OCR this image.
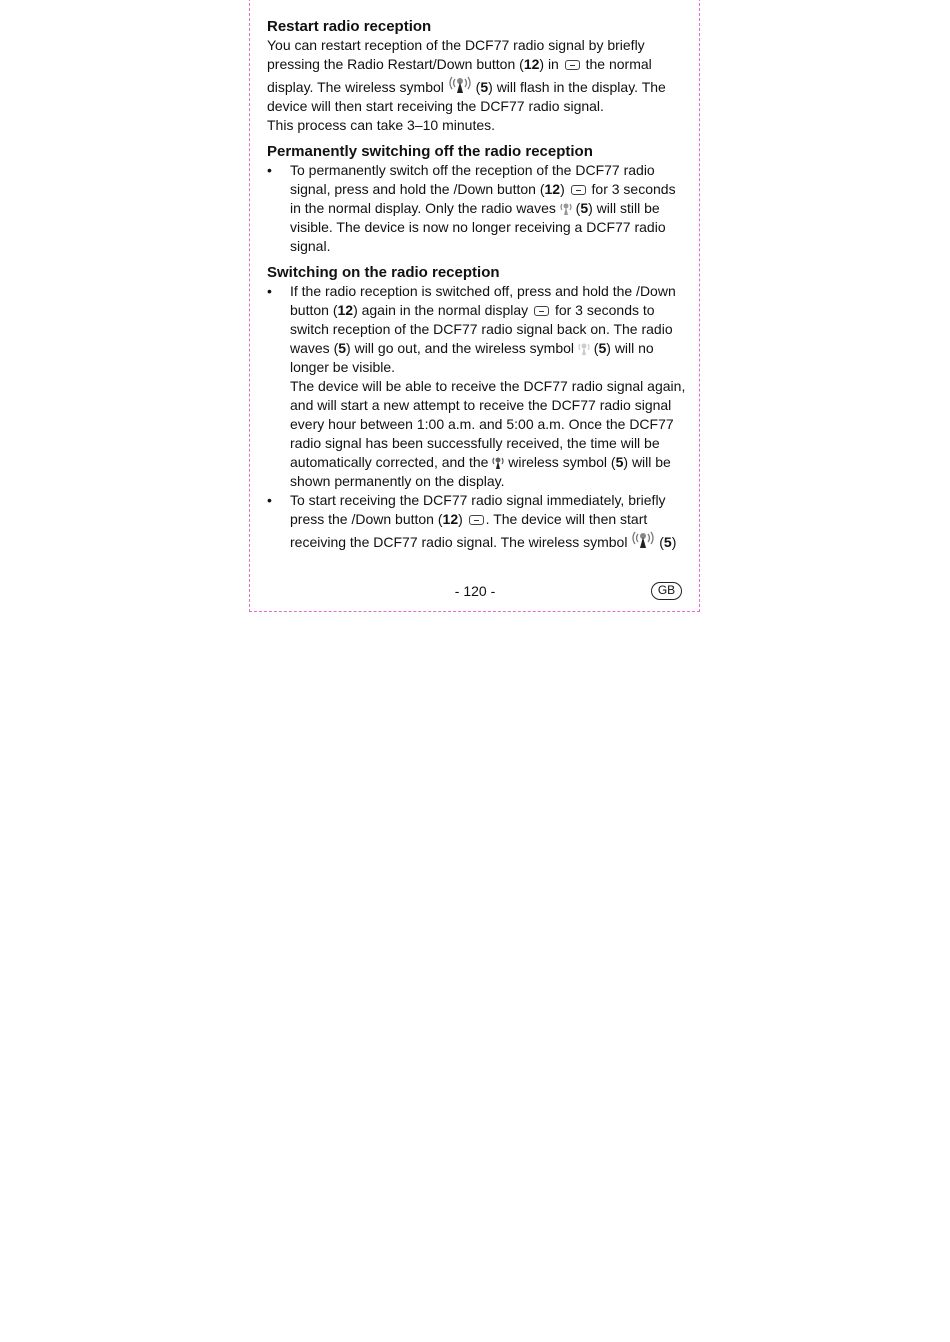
Restart radio reception

You can restart reception of the DCF77 radio signal by briefly pressing the Radio Restart/Down button (12) in  the normal display. The wireless symbol  (5) will flash in the display. The device will then start receiving the DCF77 radio signal.

This process can take 3–10 minutes.

Permanently switching off the radio reception
• To permanently switch off the reception of the DCF77 radio signal, press and hold the /Down button (12)  for 3 seconds in the normal display. Only the radio waves  (5) will still be visible. The device is now no longer receiving a DCF77 radio signal.
Switching on the radio reception
• If the radio reception is switched off, press and hold the /Down button (12) again in the normal display  for 3 seconds to switch reception of the DCF77 radio signal back on. The radio waves (5) will go out, and the wireless symbol  (5) will no longer be visible.
The device will be able to receive the DCF77 radio signal again, and will start a new attempt to receive the DCF77 radio signal every hour between 1:00 a.m. and 5:00 a.m. Once the DCF77 radio signal has been successfully received, the time will be automatically corrected, and the  wireless symbol (5) will be shown permanently on the display.
• To start receiving the DCF77 radio signal immediately, briefly press the /Down button (12) . The device will then start receiving the DCF77 radio signal. The wireless symbol  (5)
- 120 -	GB
